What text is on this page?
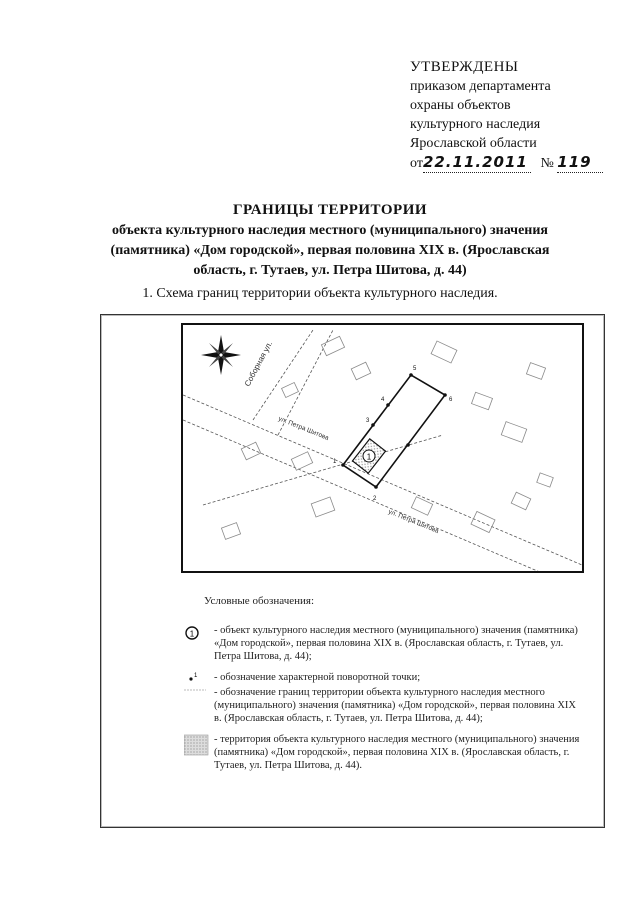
УТВЕРЖДЕНЫ
приказом департамента
охраны объектов
культурного наследия
Ярославской области
от22.11.2011 № 119
ГРАНИЦЫ ТЕРРИТОРИИ
объекта культурного наследия местного (муниципального) значения
(памятника) «Дом городской», первая половина XIX в. (Ярославская
область, г. Тутаев, ул. Петра Шитова, д. 44)
1. Схема границ территории объекта культурного наследия.
1
1
2
3
4
5
6
Соборная ул.
ул. Петра Шитова
ул. Петра Шитова
Условные обозначения:
1 - объект культурного наследия местного (муниципального) значения (памятника) «Дом городской», первая половина XIX в. (Ярославская область, г. Тутаев, ул. Петра Шитова, д. 44);
1 - обозначение характерной поворотной точки;
- обозначение границ территории объекта культурного наследия местного (муниципального) значения (памятника) «Дом городской», первая половина XIX в. (Ярославская область, г. Тутаев, ул. Петра Шитова, д. 44);
- территория объекта культурного наследия местного (муниципального) значения (памятника) «Дом городской», первая половина XIX в. (Ярославская область, г. Тутаев, ул. Петра Шитова, д. 44).
